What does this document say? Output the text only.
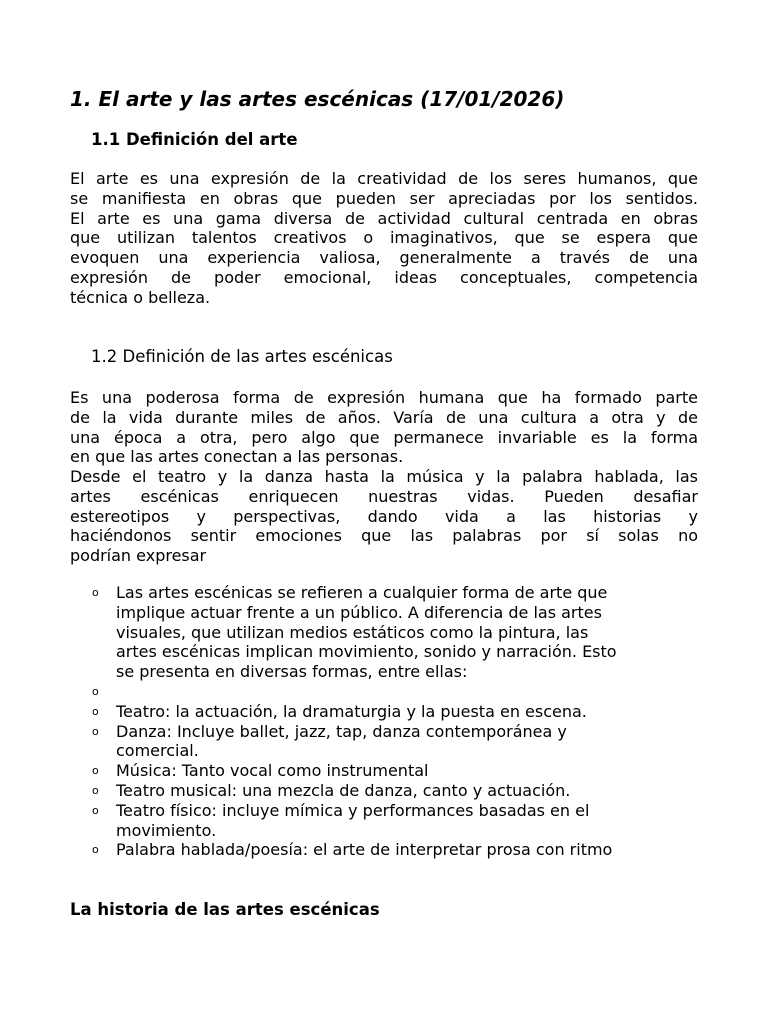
1. El arte y las artes escénicas (17/01/2026)
1.1 Definición del arte
El arte es una expresión de la creatividad de los seres humanos, que
se manifiesta en obras que pueden ser apreciadas por los sentidos.
El arte es una gama diversa de actividad cultural centrada en obras
que utilizan talentos creativos o imaginativos, que se espera que
evoquen una experiencia valiosa, generalmente a través de una
expresión de poder emocional, ideas conceptuales, competencia
técnica o belleza.
1.2 Definición de las artes escénicas
Es una poderosa forma de expresión humana que ha formado parte
de la vida durante miles de años. Varía de una cultura a otra y de
una época a otra, pero algo que permanece invariable es la forma
en que las artes conectan a las personas.
Desde el teatro y la danza hasta la música y la palabra hablada, las
artes escénicas enriquecen nuestras vidas. Pueden desafiar
estereotipos y perspectivas, dando vida a las historias y
haciéndonos sentir emociones que las palabras por sí solas no
podrían expresar
o Las artes escénicas se refieren a cualquier forma de arte que
implique actuar frente a un público. A diferencia de las artes
visuales, que utilizan medios estáticos como la pintura, las
artes escénicas implican movimiento, sonido y narración. Esto
se presenta en diversas formas, entre ellas:
o

o Teatro: la actuación, la dramaturgia y la puesta en escena.
o Danza: Incluye ballet, jazz, tap, danza contemporánea y
comercial.
o Música: Tanto vocal como instrumental
o Teatro musical: una mezcla de danza, canto y actuación.
o Teatro físico: incluye mímica y performances basadas en el
movimiento.
o Palabra hablada/poesía: el arte de interpretar prosa con ritmo
La historia de las artes escénicas
